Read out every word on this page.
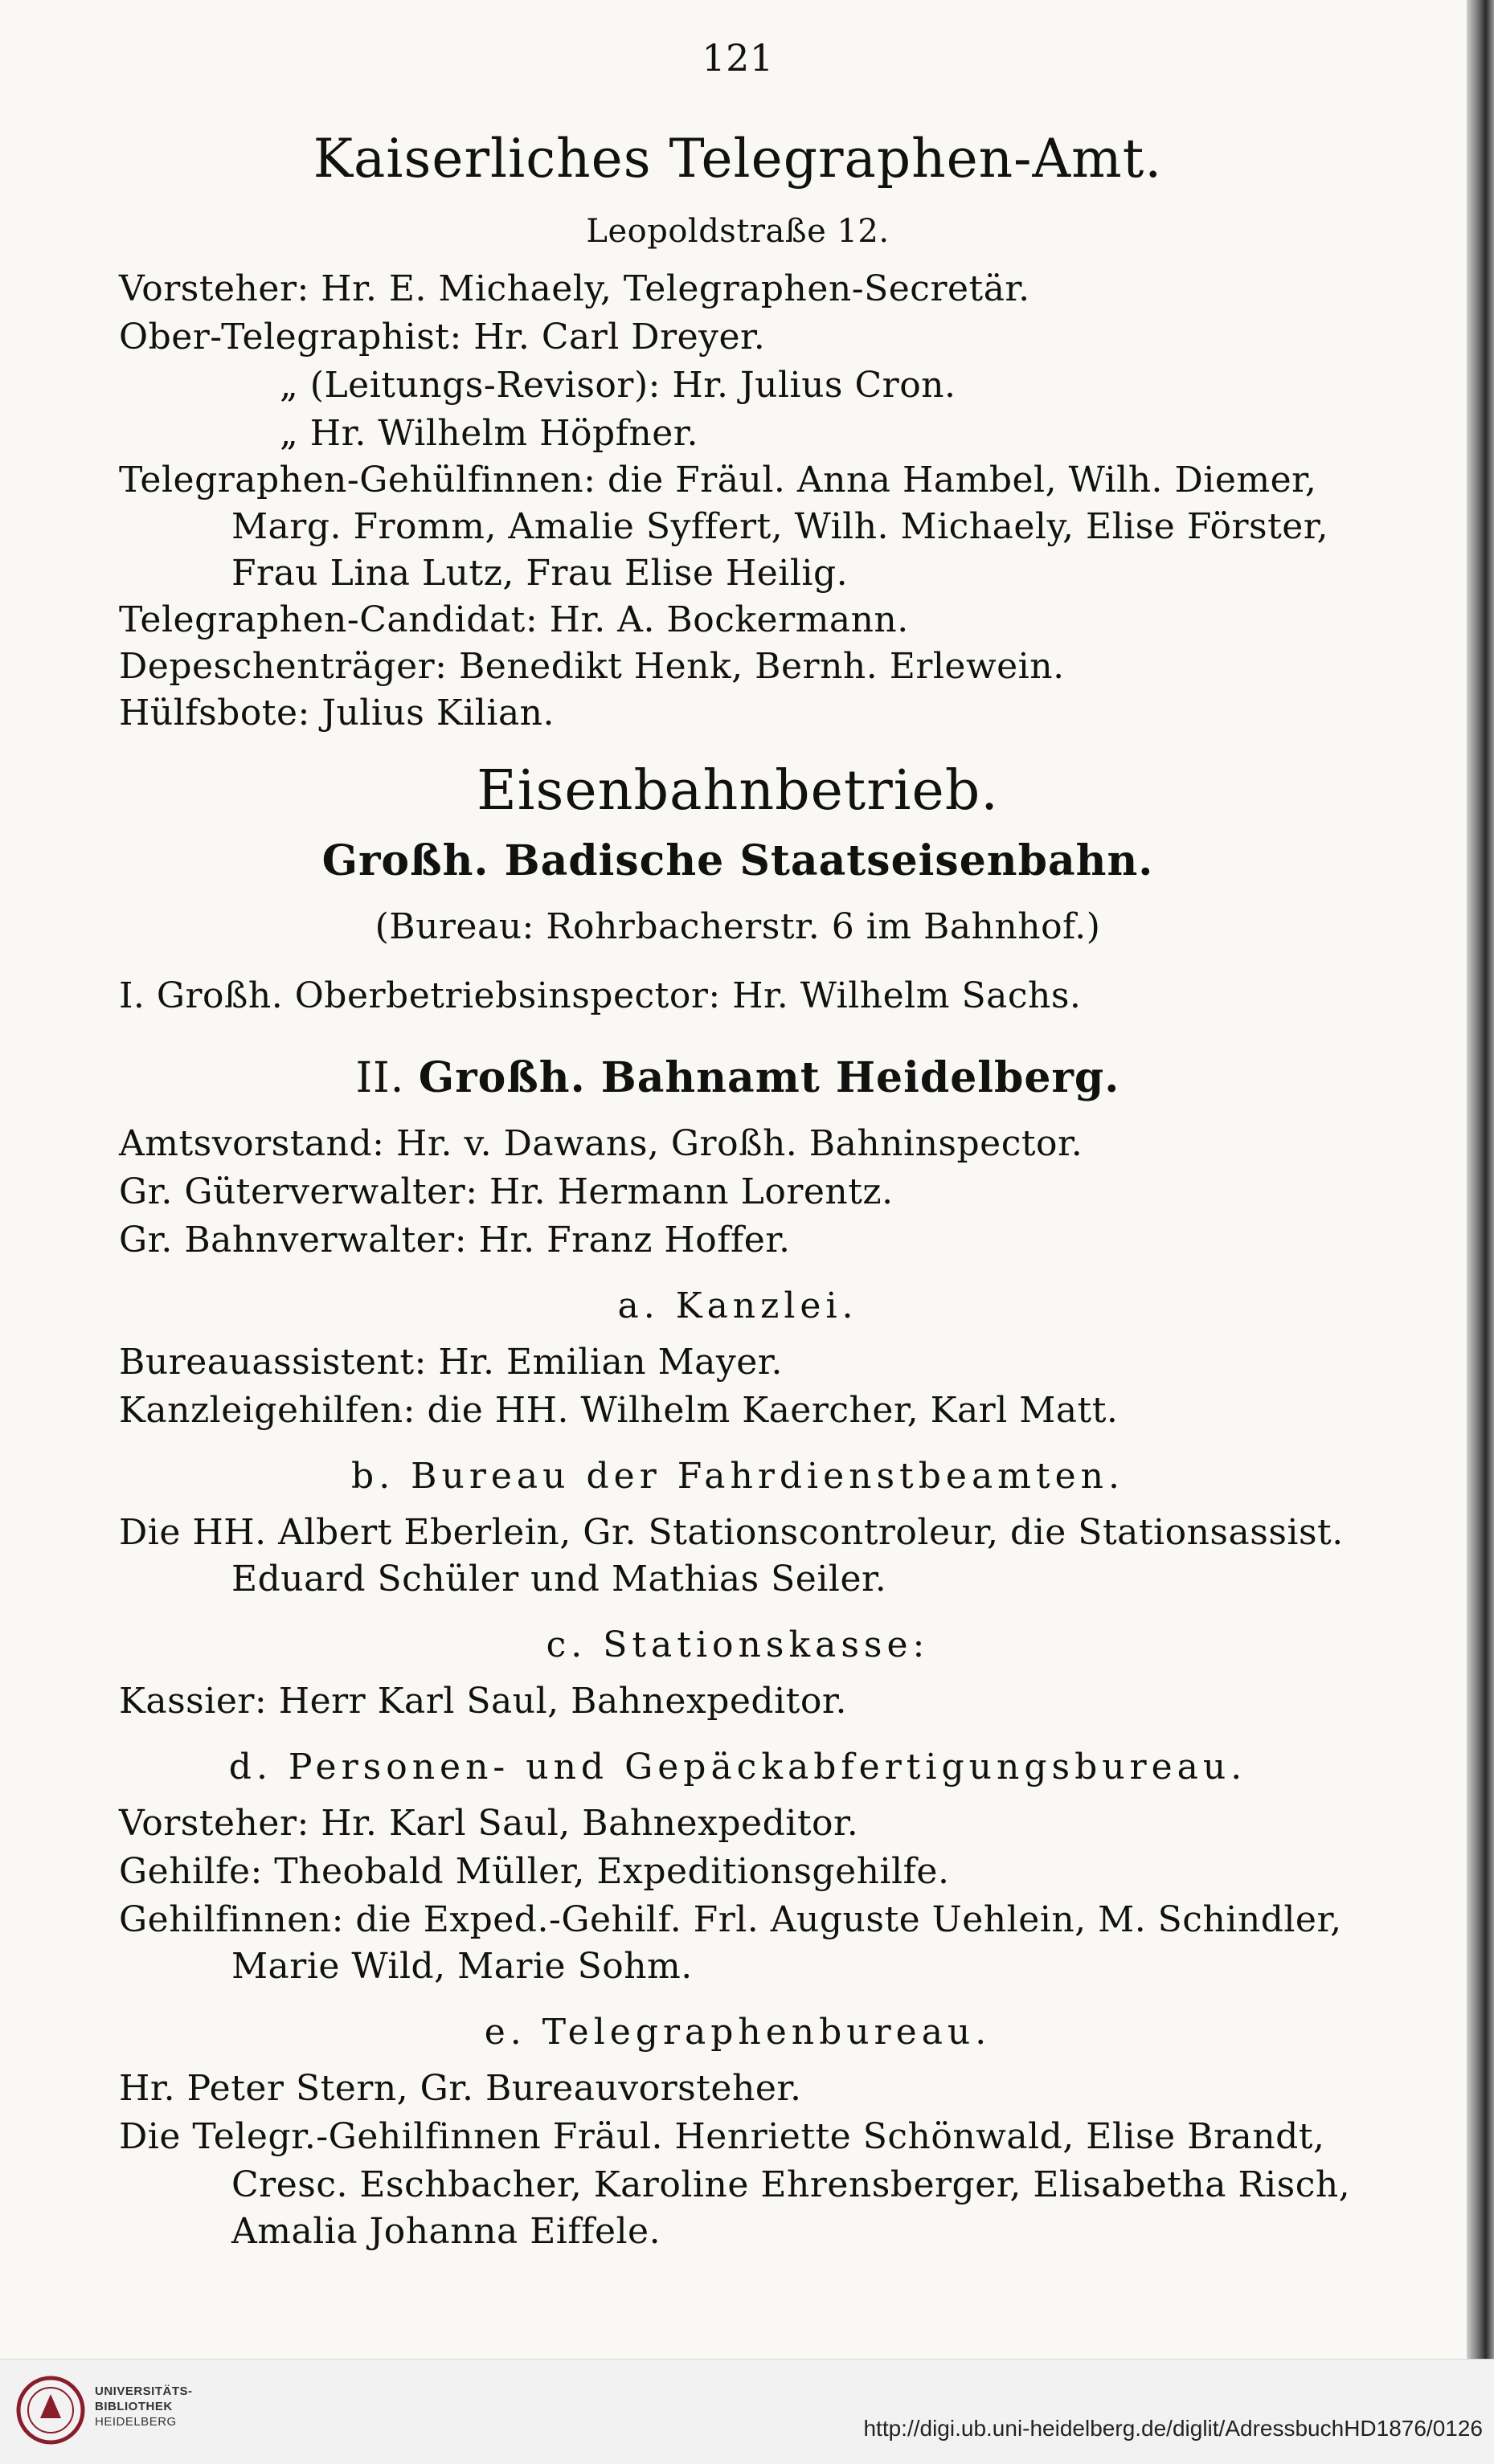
121
Kaiserliches Telegraphen-Amt.
Leopoldstraße 12.
Vorsteher: Hr. E. Michaely, Telegraphen-Secretär.
Ober-Telegraphist: Hr. Carl Dreyer.
„ (Leitungs-Revisor): Hr. Julius Cron.
„ Hr. Wilhelm Höpfner.
Telegraphen-Gehülfinnen: die Fräul. Anna Hambel, Wilh. Diemer,
Marg. Fromm, Amalie Syffert, Wilh. Michaely, Elise Förster,
Frau Lina Lutz, Frau Elise Heilig.
Telegraphen-Candidat: Hr. A. Bockermann.
Depeschenträger: Benedikt Henk, Bernh. Erlewein.
Hülfsbote: Julius Kilian.
Eisenbahnbetrieb.
Großh. Badische Staatseisenbahn.
(Bureau: Rohrbacherstr. 6 im Bahnhof.)
I. Großh. Oberbetriebsinspector: Hr. Wilhelm Sachs.
II. Großh. Bahnamt Heidelberg.
Amtsvorstand: Hr. v. Dawans, Großh. Bahninspector.
Gr. Güterverwalter: Hr. Hermann Lorentz.
Gr. Bahnverwalter: Hr. Franz Hoffer.
a. Kanzlei.
Bureauassistent: Hr. Emilian Mayer.
Kanzleigehilfen: die HH. Wilhelm Kaercher, Karl Matt.
b. Bureau der Fahrdienstbeamten.
Die HH. Albert Eberlein, Gr. Stationscontroleur, die Stationsassist.
Eduard Schüler und Mathias Seiler.
c. Stationskasse:
Kassier: Herr Karl Saul, Bahnexpeditor.
d. Personen- und Gepäckabfertigungsbureau.
Vorsteher: Hr. Karl Saul, Bahnexpeditor.
Gehilfe: Theobald Müller, Expeditionsgehilfe.
Gehilfinnen: die Exped.-Gehilf. Frl. Auguste Uehlein, M. Schindler,
Marie Wild, Marie Sohm.
e. Telegraphenbureau.
Hr. Peter Stern, Gr. Bureauvorsteher.
Die Telegr.-Gehilfinnen Fräul. Henriette Schönwald, Elise Brandt,
Cresc. Eschbacher, Karoline Ehrensberger, Elisabetha Risch,
Amalia Johanna Eiffele.
UNIVERSITÄTS-
BIBLIOTHEK
HEIDELBERG	http://digi.ub.uni-heidelberg.de/diglit/AdressbuchHD1876/0126
